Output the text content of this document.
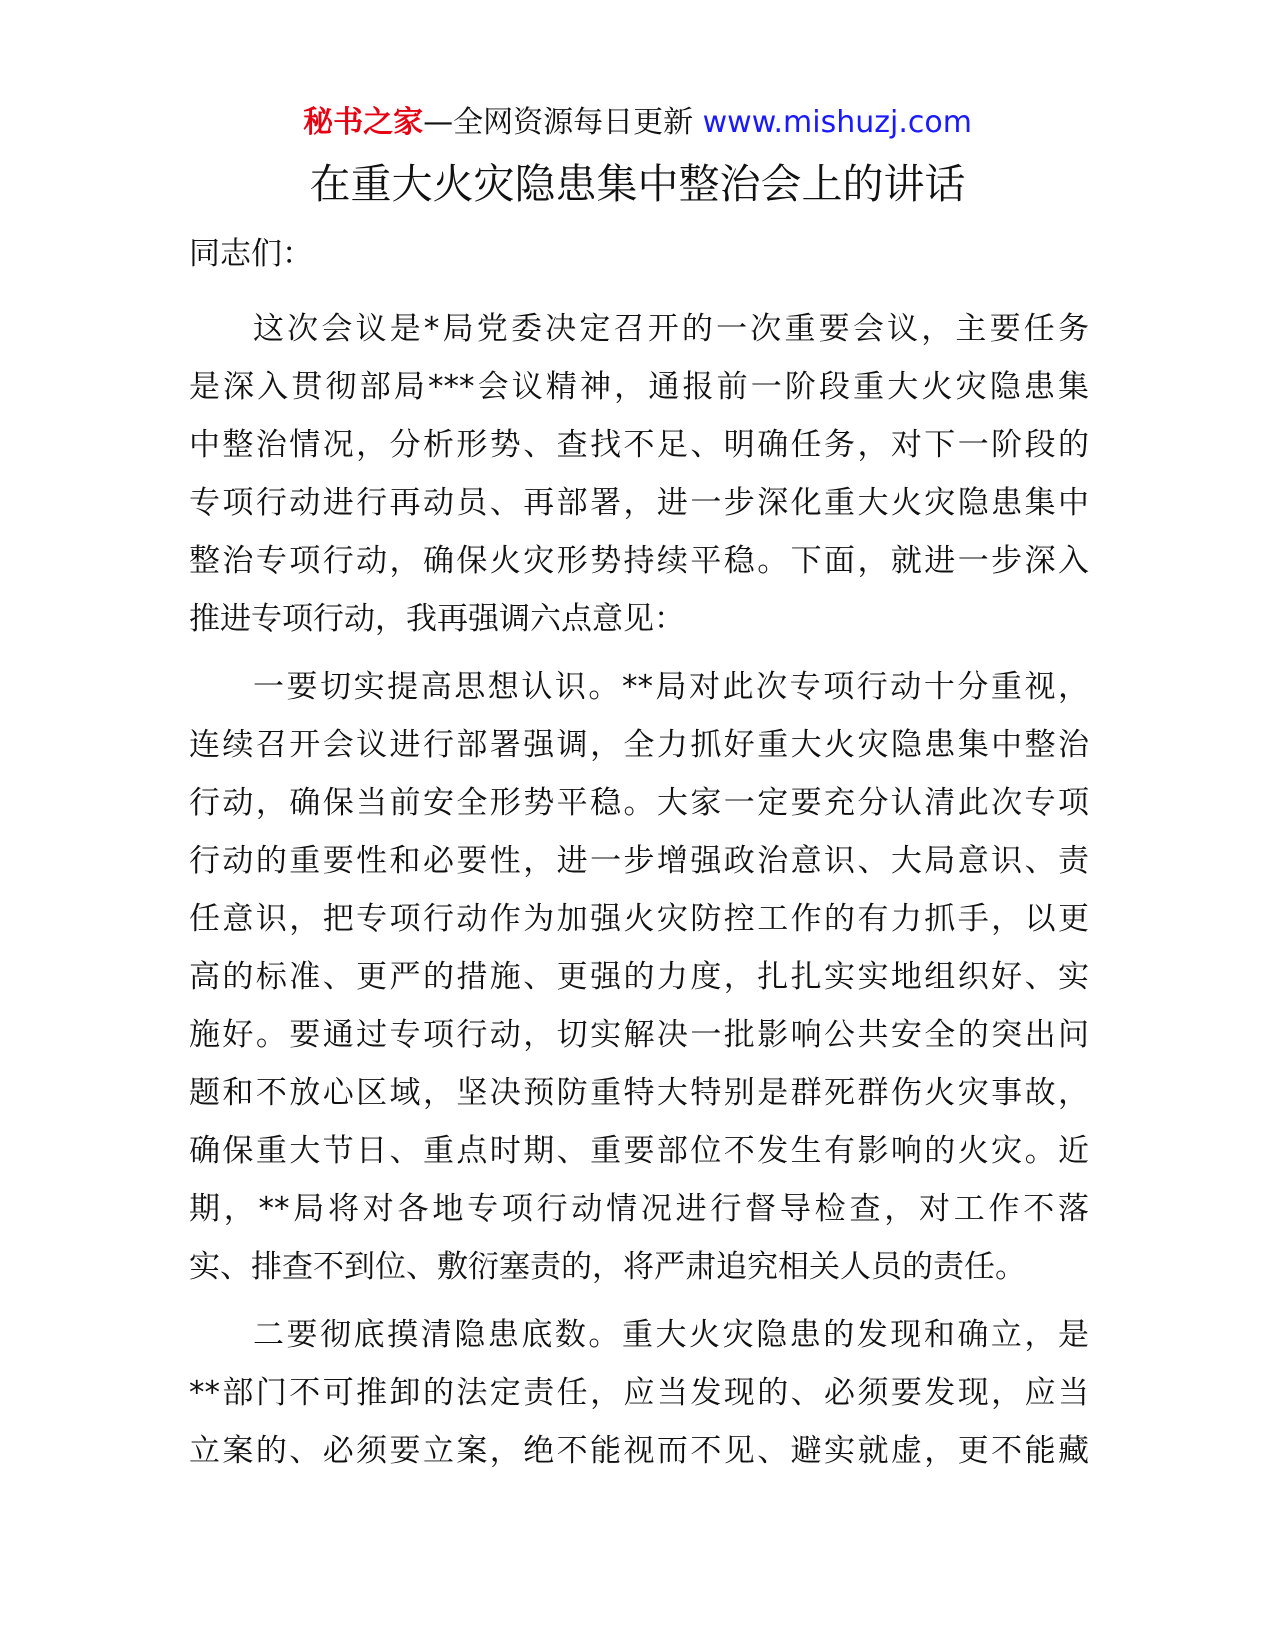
秘书之家—全网资源每日更新 www.mishuzj.com
在重大火灾隐患集中整治会上的讲话
同志们：
这次会议是*局党委决定召开的一次重要会议，主要任务
是深入贯彻部局***会议精神，通报前一阶段重大火灾隐患集
中整治情况，分析形势、查找不足、明确任务，对下一阶段的
专项行动进行再动员、再部署，进一步深化重大火灾隐患集中
整治专项行动，确保火灾形势持续平稳。下面，就进一步深入
推进专项行动，我再强调六点意见：
一要切实提高思想认识。**局对此次专项行动十分重视，
连续召开会议进行部署强调，全力抓好重大火灾隐患集中整治
行动，确保当前安全形势平稳。大家一定要充分认清此次专项
行动的重要性和必要性，进一步增强政治意识、大局意识、责
任意识，把专项行动作为加强火灾防控工作的有力抓手，以更
高的标准、更严的措施、更强的力度，扎扎实实地组织好、实
施好。要通过专项行动，切实解决一批影响公共安全的突出问
题和不放心区域，坚决预防重特大特别是群死群伤火灾事故，
确保重大节日、重点时期、重要部位不发生有影响的火灾。近
期，**局将对各地专项行动情况进行督导检查，对工作不落
实、排查不到位、敷衍塞责的，将严肃追究相关人员的责任。
二要彻底摸清隐患底数。重大火灾隐患的发现和确立，是
**部门不可推卸的法定责任，应当发现的、必须要发现，应当
立案的、必须要立案，绝不能视而不见、避实就虚，更不能藏
